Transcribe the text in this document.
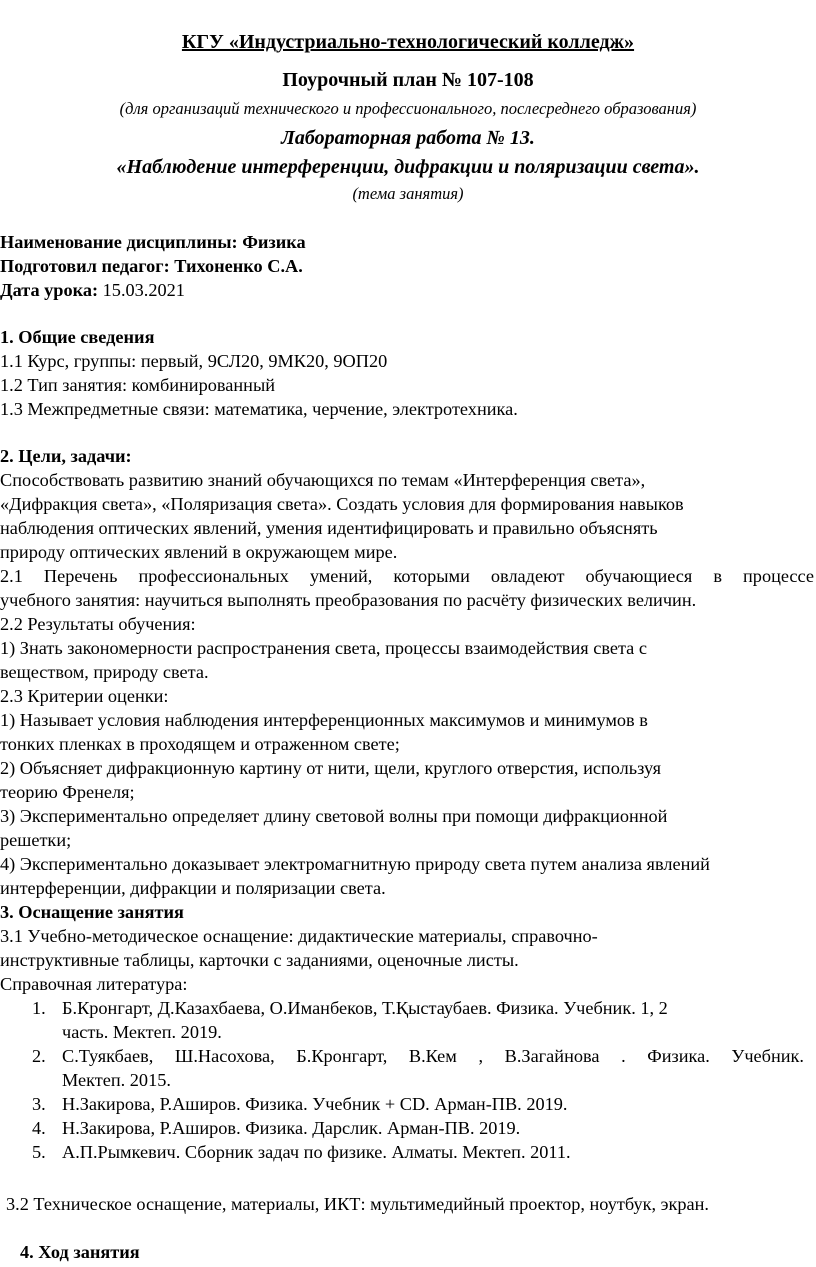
КГУ «Индустриально-технологический колледж»
Поурочный план № 107-108
(для организаций технического и профессионального, послесреднего образования)
Лабораторная работа № 13.
«Наблюдение интерференции, дифракции и поляризации света».
(тема занятия)
Наименование дисциплины: Физика
Подготовил педагог: Тихоненко С.А.
Дата урока: 15.03.2021
1. Общие сведения
1.1 Курс, группы: первый, 9СЛ20, 9МК20, 9ОП20
1.2 Тип занятия: комбинированный
1.3 Межпредметные связи: математика, черчение, электротехника.
2. Цели, задачи:
Способствовать развитию знаний обучающихся по темам «Интерференция света»,
«Дифракция света», «Поляризация света». Создать условия для формирования навыков
наблюдения оптических явлений, умения идентифицировать и правильно объяснять
природу оптических явлений в окружающем мире.
2.1 Перечень профессиональных умений, которыми овладеют обучающиеся в процессе
учебного занятия: научиться выполнять преобразования по расчёту физических величин.
2.2 Результаты обучения:
1) Знать закономерности распространения света, процессы взаимодействия света с
веществом, природу света.
2.3 Критерии оценки:
1) Называет условия наблюдения интерференционных максимумов и минимумов в
тонких пленках в проходящем и отраженном свете;
2) Объясняет дифракционную картину от нити, щели, круглого отверстия, используя
теорию Френеля;
3) Экспериментально определяет длину световой волны при помощи дифракционной
решетки;
4) Экспериментально доказывает электромагнитную природу света путем анализа явлений
интерференции, дифракции и поляризации света.
3. Оснащение занятия
3.1 Учебно-методическое оснащение: дидактические материалы, справочно-
инструктивные таблицы, карточки с заданиями, оценочные листы.
Справочная литература:
1. Б.Кронгарт, Д.Казахбаева, О.Иманбеков, Т.Қыстаубаев. Физика. Учебник. 1, 2
часть. Мектеп. 2019.
2. С.Туякбаев, Ш.Насохова, Б.Кронгарт, В.Кем , В.Загайнова . Физика. Учебник.
Мектеп. 2015.
3. Н.Закирова, Р.Аширов. Физика. Учебник + CD. Арман-ПВ. 2019.
4. Н.Закирова, Р.Аширов. Физика. Дарслик. Арман-ПВ. 2019.
5. А.П.Рымкевич. Сборник задач по физике. Алматы. Мектеп. 2011.
3.2 Техническое оснащение, материалы, ИКТ: мультимедийный проектор, ноутбук, экран.
4. Ход занятия
